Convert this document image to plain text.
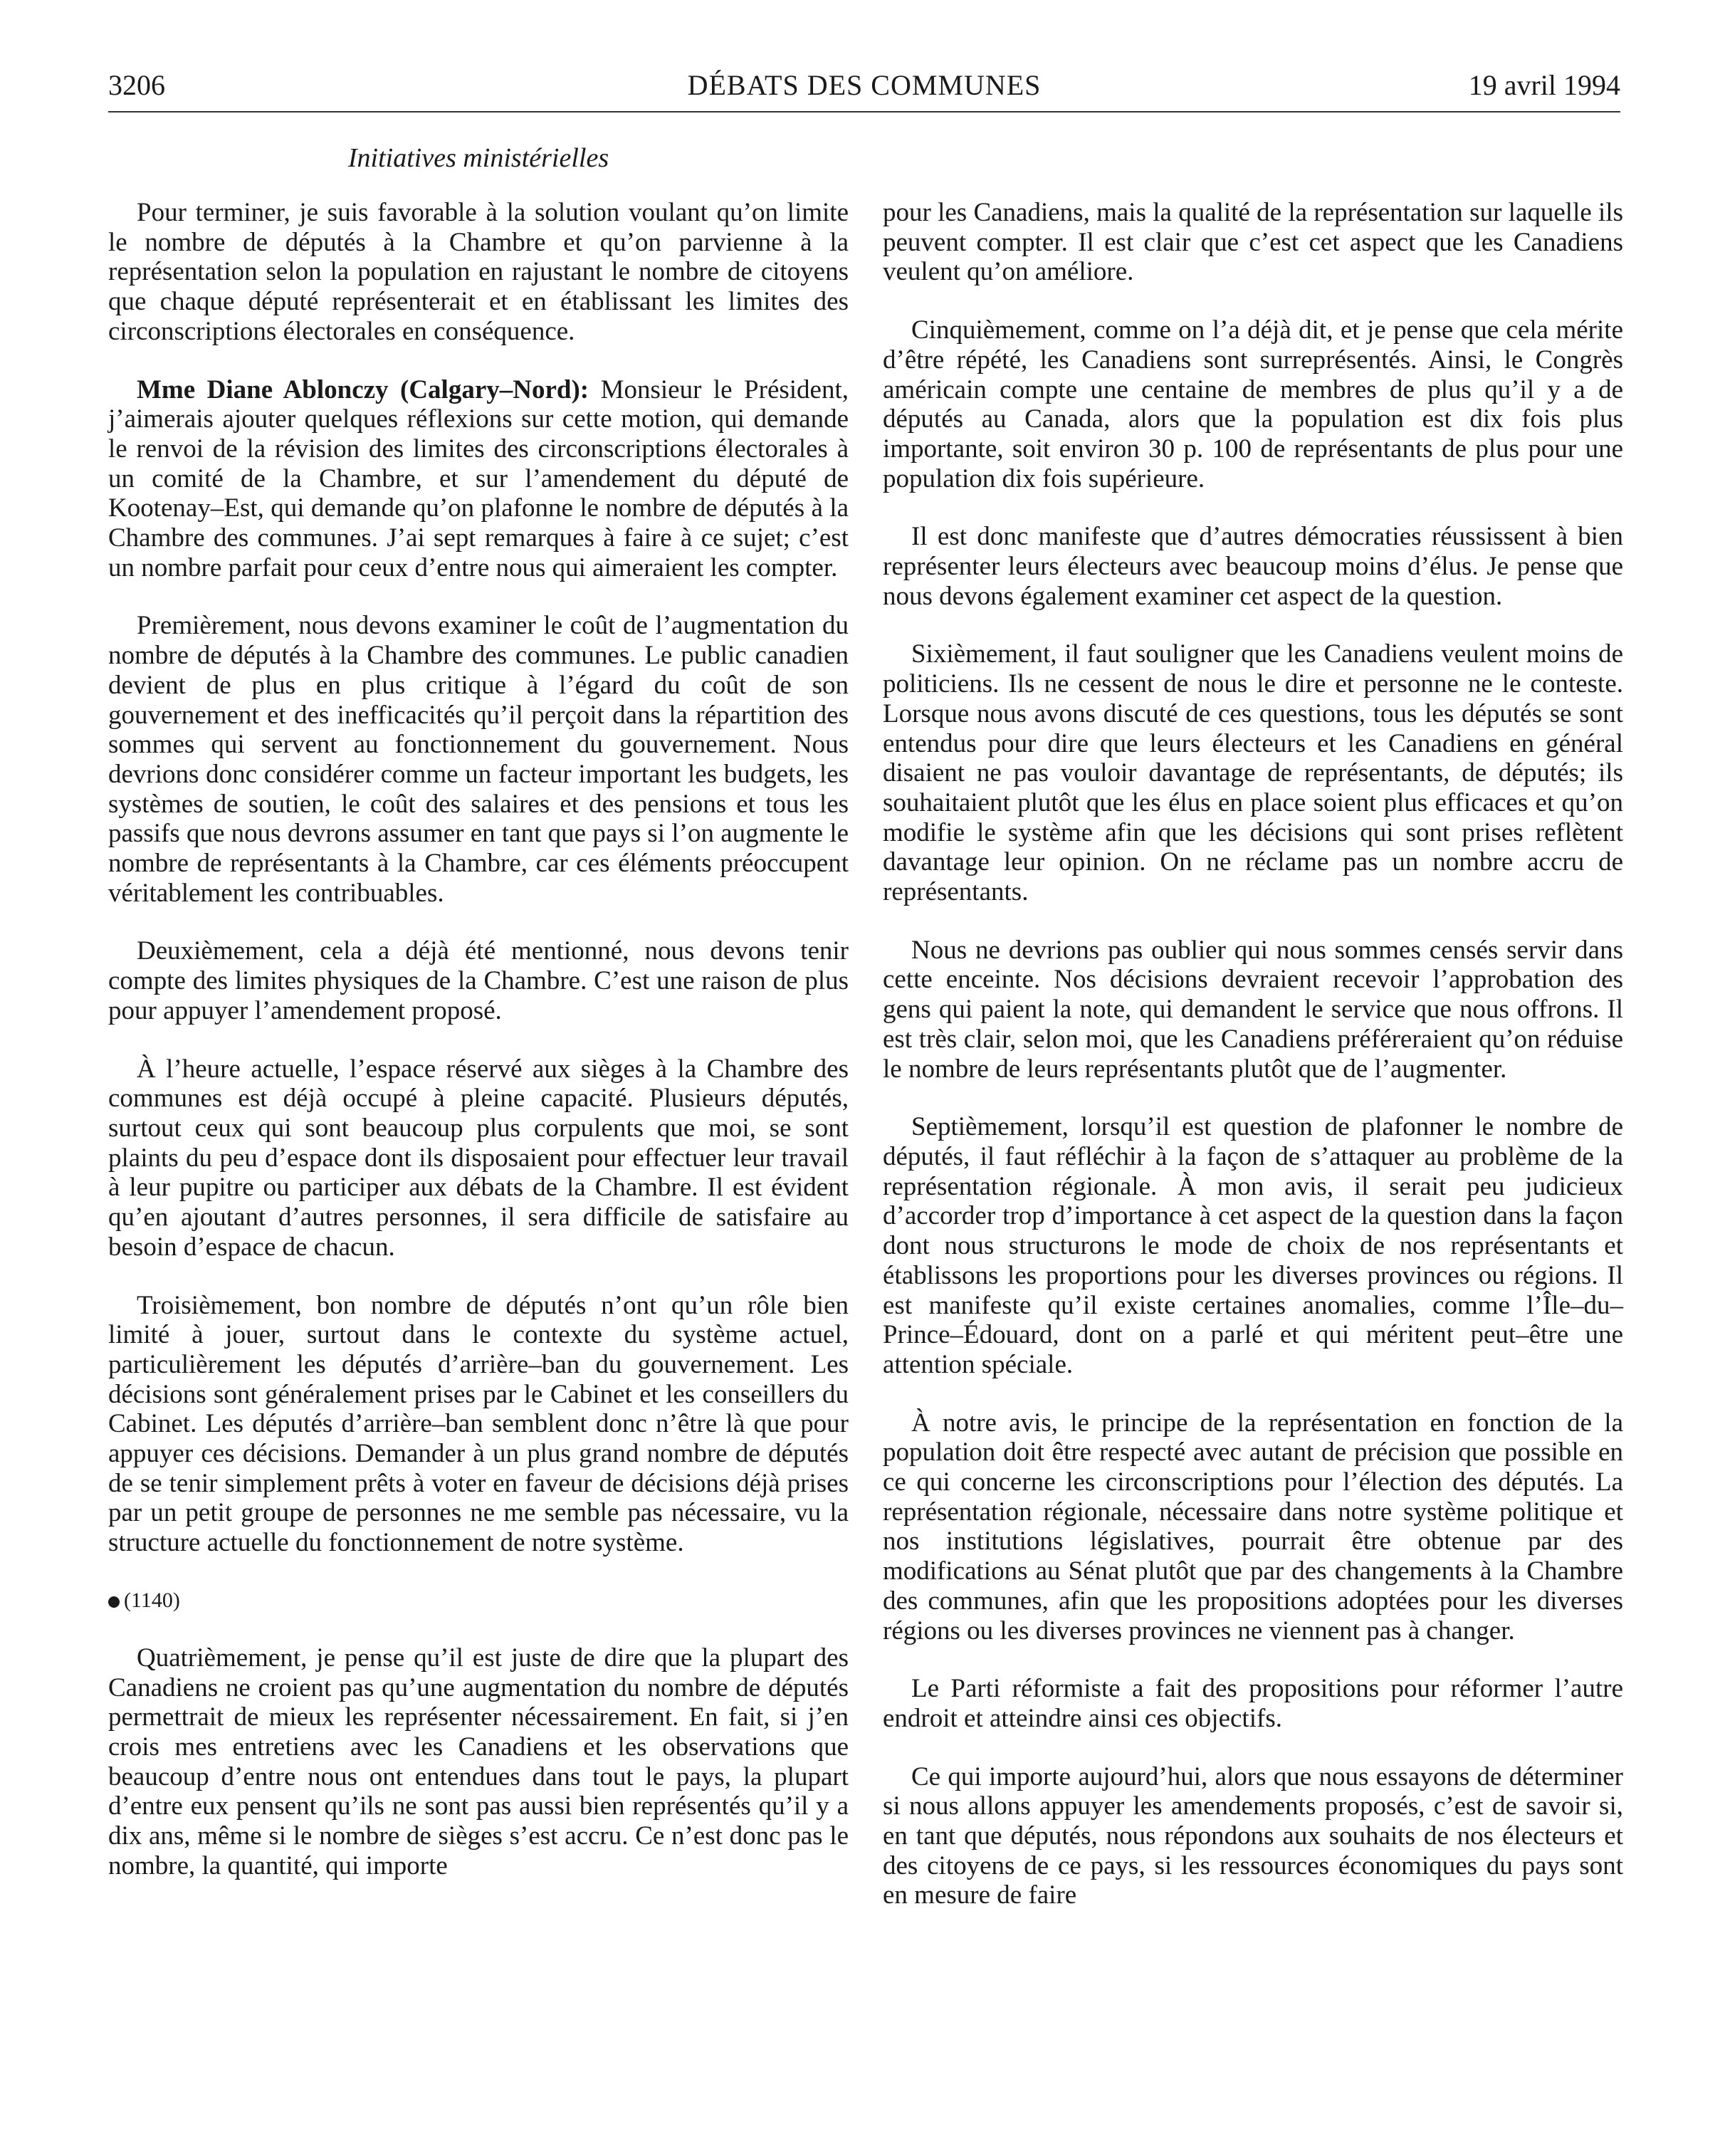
DÉBATS DES COMMUNES
3206	19 avril 1994
Initiatives ministérielles

Pour terminer, je suis favorable à la solution voulant qu’on limite le nombre de députés à la Chambre et qu’on parvienne à la représentation selon la population en rajustant le nombre de citoyens que chaque député représenterait et en établissant les limites des circonscriptions électorales en conséquence.

Mme Diane Ablonczy (Calgary–Nord): Monsieur le Président, j’aimerais ajouter quelques réflexions sur cette motion, qui demande le renvoi de la révision des limites des circonscriptions électorales à un comité de la Chambre, et sur l’amendement du député de Kootenay–Est, qui demande qu’on plafonne le nombre de députés à la Chambre des communes. J’ai sept remarques à faire à ce sujet; c’est un nombre parfait pour ceux d’entre nous qui aimeraient les compter.

Premièrement, nous devons examiner le coût de l’augmentation du nombre de députés à la Chambre des communes. Le public canadien devient de plus en plus critique à l’égard du coût de son gouvernement et des inefficacités qu’il perçoit dans la répartition des sommes qui servent au fonctionnement du gouvernement. Nous devrions donc considérer comme un facteur important les budgets, les systèmes de soutien, le coût des salaires et des pensions et tous les passifs que nous devrons assumer en tant que pays si l’on augmente le nombre de représentants à la Chambre, car ces éléments préoccupent véritablement les contribuables.

Deuxièmement, cela a déjà été mentionné, nous devons tenir compte des limites physiques de la Chambre. C’est une raison de plus pour appuyer l’amendement proposé.

À l’heure actuelle, l’espace réservé aux sièges à la Chambre des communes est déjà occupé à pleine capacité. Plusieurs députés, surtout ceux qui sont beaucoup plus corpulents que moi, se sont plaints du peu d’espace dont ils disposaient pour effectuer leur travail à leur pupitre ou participer aux débats de la Chambre. Il est évident qu’en ajoutant d’autres personnes, il sera difficile de satisfaire au besoin d’espace de chacun.

Troisièmement, bon nombre de députés n’ont qu’un rôle bien limité à jouer, surtout dans le contexte du système actuel, particulièrement les députés d’arrière–ban du gouvernement. Les décisions sont généralement prises par le Cabinet et les conseillers du Cabinet. Les députés d’arrière–ban semblent donc n’être là que pour appuyer ces décisions. Demander à un plus grand nombre de députés de se tenir simplement prêts à voter en faveur de décisions déjà prises par un petit groupe de personnes ne me semble pas nécessaire, vu la structure actuelle du fonctionnement de notre système.

(1140)

Quatrièmement, je pense qu’il est juste de dire que la plupart des Canadiens ne croient pas qu’une augmentation du nombre de députés permettrait de mieux les représenter nécessairement. En fait, si j’en crois mes entretiens avec les Canadiens et les observations que beaucoup d’entre nous ont entendues dans tout le pays, la plupart d’entre eux pensent qu’ils ne sont pas aussi bien représentés qu’il y a dix ans, même si le nombre de sièges s’est accru. Ce n’est donc pas le nombre, la quantité, qui importe

pour les Canadiens, mais la qualité de la représentation sur laquelle ils peuvent compter. Il est clair que c’est cet aspect que les Canadiens veulent qu’on améliore.

Cinquièmement, comme on l’a déjà dit, et je pense que cela mérite d’être répété, les Canadiens sont surreprésentés. Ainsi, le Congrès américain compte une centaine de membres de plus qu’il y a de députés au Canada, alors que la population est dix fois plus importante, soit environ 30 p. 100 de représentants de plus pour une population dix fois supérieure.

Il est donc manifeste que d’autres démocraties réussissent à bien représenter leurs électeurs avec beaucoup moins d’élus. Je pense que nous devons également examiner cet aspect de la question.

Sixièmement, il faut souligner que les Canadiens veulent moins de politiciens. Ils ne cessent de nous le dire et personne ne le conteste. Lorsque nous avons discuté de ces questions, tous les députés se sont entendus pour dire que leurs électeurs et les Canadiens en général disaient ne pas vouloir davantage de représentants, de députés; ils souhaitaient plutôt que les élus en place soient plus efficaces et qu’on modifie le système afin que les décisions qui sont prises reflètent davantage leur opinion. On ne réclame pas un nombre accru de représentants.

Nous ne devrions pas oublier qui nous sommes censés servir dans cette enceinte. Nos décisions devraient recevoir l’approbation des gens qui paient la note, qui demandent le service que nous offrons. Il est très clair, selon moi, que les Canadiens préféreraient qu’on réduise le nombre de leurs représentants plutôt que de l’augmenter.

Septièmement, lorsqu’il est question de plafonner le nombre de députés, il faut réfléchir à la façon de s’attaquer au problème de la représentation régionale. À mon avis, il serait peu judicieux d’accorder trop d’importance à cet aspect de la question dans la façon dont nous structurons le mode de choix de nos représentants et établissons les proportions pour les diverses provinces ou régions. Il est manifeste qu’il existe certaines anomalies, comme l’Île–du–Prince–Édouard, dont on a parlé et qui méritent peut–être une attention spéciale.

À notre avis, le principe de la représentation en fonction de la population doit être respecté avec autant de précision que possible en ce qui concerne les circonscriptions pour l’élection des députés. La représentation régionale, nécessaire dans notre système politique et nos institutions législatives, pourrait être obtenue par des modifications au Sénat plutôt que par des changements à la Chambre des communes, afin que les propositions adoptées pour les diverses régions ou les diverses provinces ne viennent pas à changer.

Le Parti réformiste a fait des propositions pour réformer l’autre endroit et atteindre ainsi ces objectifs.

Ce qui importe aujourd’hui, alors que nous essayons de déterminer si nous allons appuyer les amendements proposés, c’est de savoir si, en tant que députés, nous répondons aux souhaits de nos électeurs et des citoyens de ce pays, si les ressources économiques du pays sont en mesure de faire
